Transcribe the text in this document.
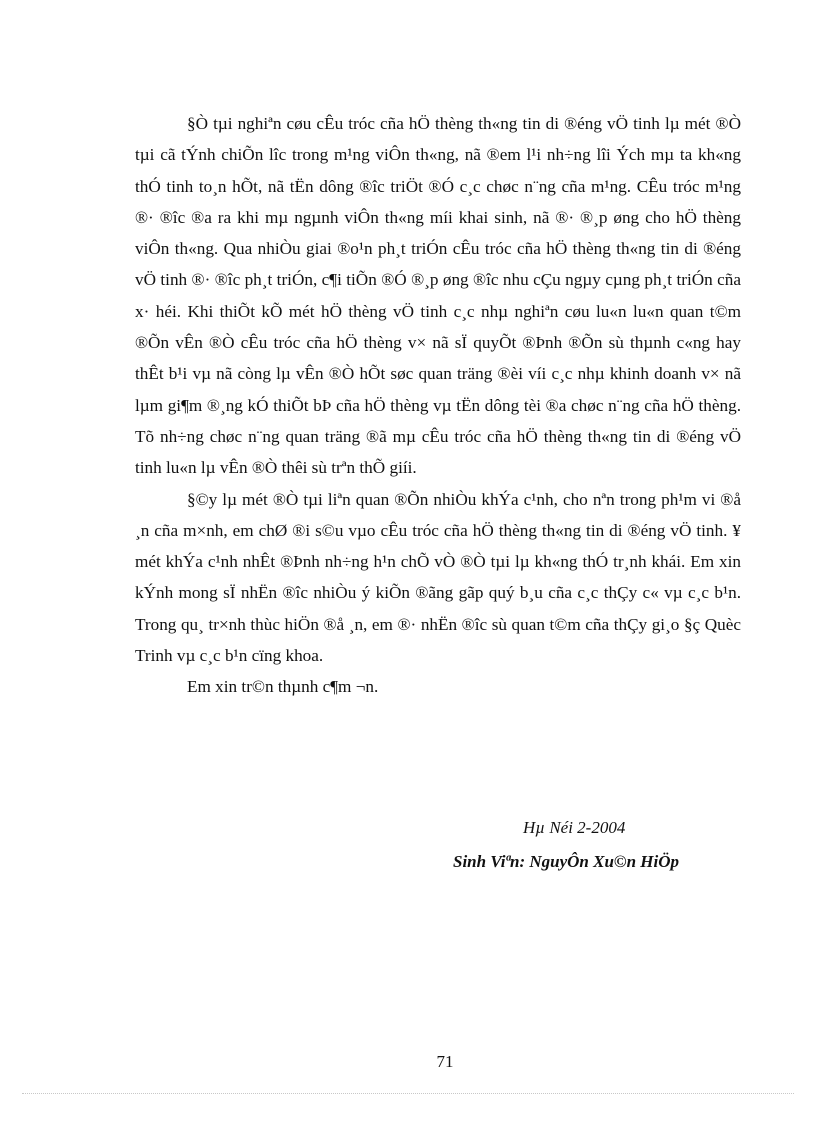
§Ò tµi nghiªn cøu cÊu tróc cña hÖ thèng th«ng tin di ®éng vÖ tinh lµ mét ®Ò tµi cã tÝnh chiÕn lîc trong m¹ng viÔn th«ng, nã ®em l¹i nh÷ng lîi Ých mµ ta kh«ng thÓ tinh to¸n hÕt, nã tËn dông ®îc triÖt ®Ó c¸c chøc n¨ng cña m¹ng. CÊu tróc m¹ng ®· ®îc ®a ra khi mµ ngµnh viÔn th«ng míi khai sinh, nã ®· ®¸p øng cho hÖ thèng viÔn th«ng. Qua nhiÒu giai ®o¹n ph¸t triÓn cÊu tróc cña hÖ thèng th«ng tin di ®éng vÖ tinh ®· ®îc ph¸t triÓn, c¶i tiÕn ®Ó ®¸p øng ®îc nhu cÇu ngµy cµng ph¸t triÓn cña x· héi. Khi thiÕt kÕ mét hÖ thèng vÖ tinh c¸c nhµ nghiªn cøu lu«n lu«n quan t©m ®Õn vÊn ®Ò cÊu tróc cña hÖ thèng v× nã sÏ quyÕt ®Þnh ®Õn sù thµnh c«ng hay thÊt b¹i vµ nã còng lµ vÊn ®Ò hÕt søc quan träng ®èi víi c¸c nhµ khinh doanh v× nã lµm gi¶m ®¸ng kÓ thiÕt bÞ cña hÖ thèng vµ tËn dông tèi ®a chøc n¨ng cña hÖ thèng. Tõ nh÷ng chøc n¨ng quan träng ®ã mµ cÊu tróc cña hÖ thèng th«ng tin di ®éng vÖ tinh lu«n lµ vÊn ®Ò thêi sù trªn thÕ giíi.

§©y lµ mét ®Ò tµi liªn quan ®Õn nhiÒu khÝa c¹nh, cho nªn trong ph¹m vi ®å ¸n cña m×nh, em chØ ®i s©u vµo cÊu tróc cña hÖ thèng th«ng tin di ®éng vÖ tinh. ¥ mét khÝa c¹nh nhÊt ®Þnh nh÷ng h¹n chÕ vÒ ®Ò tµi lµ kh«ng thÓ tr¸nh khái. Em xin kÝnh mong sÏ nhËn ®îc nhiÒu ý kiÕn ®ãng gãp quý b¸u cña c¸c thÇy c« vµ c¸c b¹n. Trong qu¸ tr×nh thùc hiÖn ®å ¸n, em ®· nhËn ®îc sù quan t©m cña thÇy gi¸o §ç Quèc Trinh vµ c¸c b¹n cïng khoa.

Em xin tr©n thµnh c¶m ¬n.

Hµ Néi 2-2004
Sinh Viªn: NguyÔn Xu©n HiÖp
71
